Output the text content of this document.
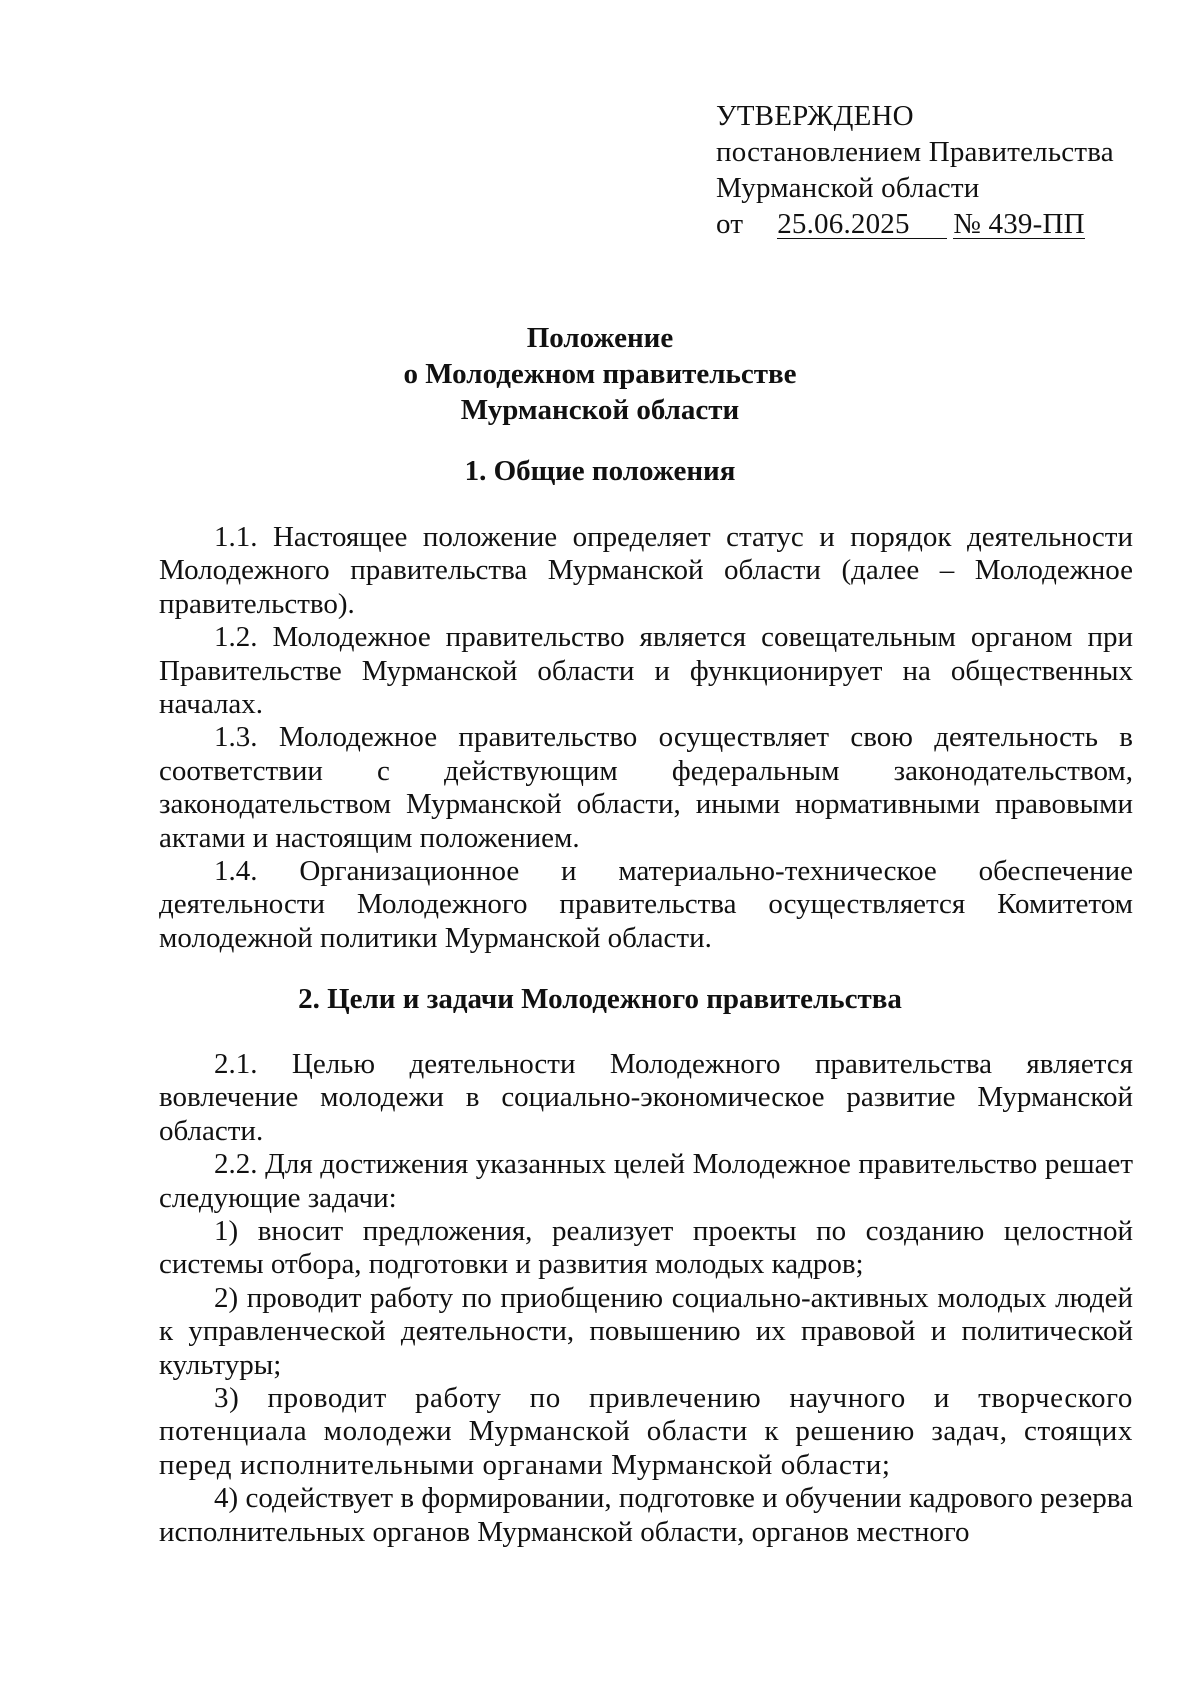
УТВЕРЖДЕНО
постановлением Правительства
Мурманской области
от 25.06.2025 № 439-ПП
Положение
о Молодежном правительстве
Мурманской области
1. Общие положения

1.1. Настоящее положение определяет статус и порядок деятельности Молодежного правительства Мурманской области (далее – Молодежное правительство).

1.2. Молодежное правительство является совещательным органом при Правительстве Мурманской области и функционирует на общественных началах.

1.3. Молодежное правительство осуществляет свою деятельность в соответствии с действующим федеральным законодательством, законодательством Мурманской области, иными нормативными правовыми актами и настоящим положением.

1.4. Организационное и материально-техническое обеспечение деятельности Молодежного правительства осуществляется Комитетом молодежной политики Мурманской области.

2. Цели и задачи Молодежного правительства

2.1. Целью деятельности Молодежного правительства является вовлечение молодежи в социально-экономическое развитие Мурманской области.

2.2. Для достижения указанных целей Молодежное правительство решает следующие задачи:

1) вносит предложения, реализует проекты по созданию целостной системы отбора, подготовки и развития молодых кадров;

2) проводит работу по приобщению социально-активных молодых людей к управленческой деятельности, повышению их правовой и политической культуры;

3) проводит работу по привлечению научного и творческого потенциала молодежи Мурманской области к решению задач, стоящих перед исполнительными органами Мурманской области;

4) содействует в формировании, подготовке и обучении кадрового резерва исполнительных органов Мурманской области, органов местного
